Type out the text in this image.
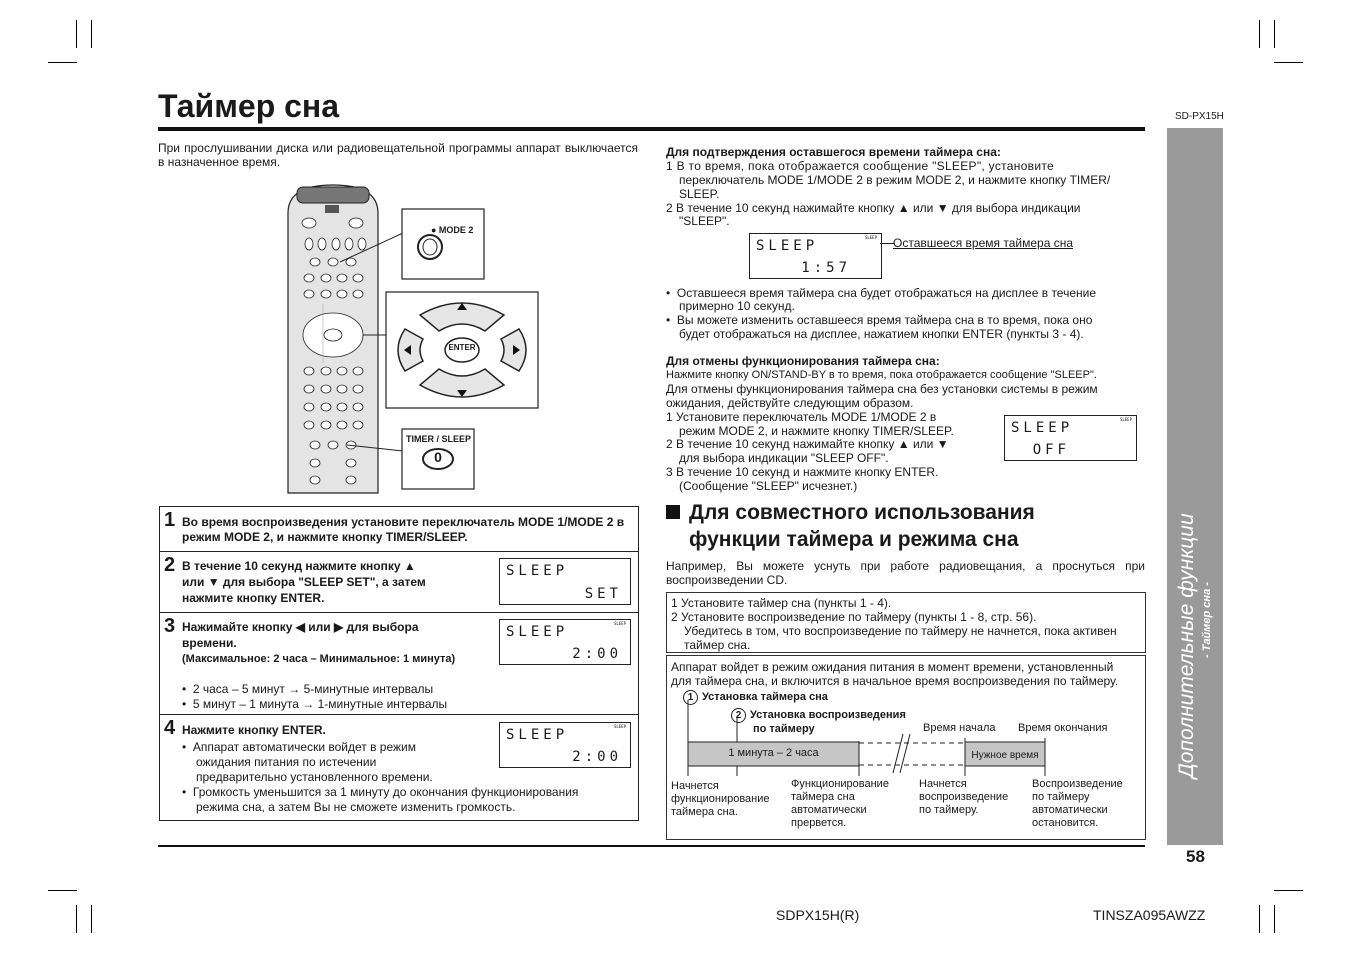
Таймер сна	SD-PX15H
Дополнительные функции - Таймер сна -
При прослушивании диска или радиовещательной программы аппарат выключается в назначенное время.
● MODE 2
ENTER
TIMER / SLEEP
0
1 Во время воспроизведения установите переключатель MODE 1/MODE 2 в режим MODE 2, и нажмите кнопку TIMER/SLEEP.
2 В течение 10 секунд нажмите кнопку ▲
или ▼ для выбора "SLEEP SET", а затем
нажмите кнопку ENTER.
SLEEP
SET
3 Нажимайте кнопку ◀ или ▶ для выбора
времени.
(Максимальное: 2 часа – Минимальное: 1 минута)
•  2 часа – 5 минут → 5-минутные интервалы
•  5 минут – 1 минута → 1-минутные интервалы
SLEEP
SLEEP
2:00
4 Нажмите кнопку ENTER.
•  Аппарат автоматически войдет в режим
ожидания питания по истечении
предварительно установленного времени.
•  Громкость уменьшится за 1 минуту до окончания функционирования
режима сна, а затем Вы не сможете изменить громкость.
SLEEP
SLEEP
2:00
Для подтверждения оставшегося времени таймера сна:
1 В то время, пока отображается сообщение "SLEEP", установите
переключатель MODE 1/MODE 2 в режим MODE 2, и нажмите кнопку TIMER/
SLEEP.
2 В течение 10 секунд нажимайте кнопку ▲ или ▼ для выбора индикации
"SLEEP".
SLEEP
SLEEP
1:57
Оставшееся время таймера сна
•  Оставшееся время таймера сна будет отображаться на дисплее в течение
примерно 10 секунд.
•  Вы можете изменить оставшееся время таймера сна в то время, пока оно
будет отображаться на дисплее, нажатием кнопки ENTER (пункты 3 - 4).
Для отмены функционирования таймера сна:
Нажмите кнопку ON/STAND-BY в то время, пока отображается сообщение "SLEEP".
Для отмены функционирования таймера сна без установки системы в режим
ожидания, действуйте следующим образом.
1 Установите переключатель MODE 1/MODE 2 в
режим MODE 2, и нажмите кнопку TIMER/SLEEP.
2 В течение 10 секунд нажимайте кнопку ▲ или ▼
для выбора индикации "SLEEP OFF".
3 В течение 10 секунд и нажмите кнопку ENTER.
(Сообщение "SLEEP" исчезнет.)
SLEEP
SLEEP
OFF
Для совместного использования
функции таймера и режима сна
Например, Вы можете уснуть при работе радиовещания, а проснуться при воспроизведении CD.
1 Установите таймер сна (пункты 1 - 4).
2 Установите воспроизведение по таймеру (пункты 1 - 8, стр. 56).
Убедитесь в том, что воспроизведение по таймеру не начнется, пока активен
таймер сна.
Аппарат войдет в режим ожидания питания в момент времени, установленный
для таймера сна, и включится в начальное время воспроизведения по таймеру.
1 Установка таймера сна
2 Установка воспроизведения
по таймеру	Время начала Время окончания
1 минута – 2 часа	Нужное время
Начнется
функционирование
таймера сна.
Функционирование
таймера сна
автоматически
прервется.
Начнется
воспроизведение
по таймеру.
Воспроизведение
по таймеру
автоматически
остановится.
58
SDPX15H(R)	TINSZA095AWZZ
